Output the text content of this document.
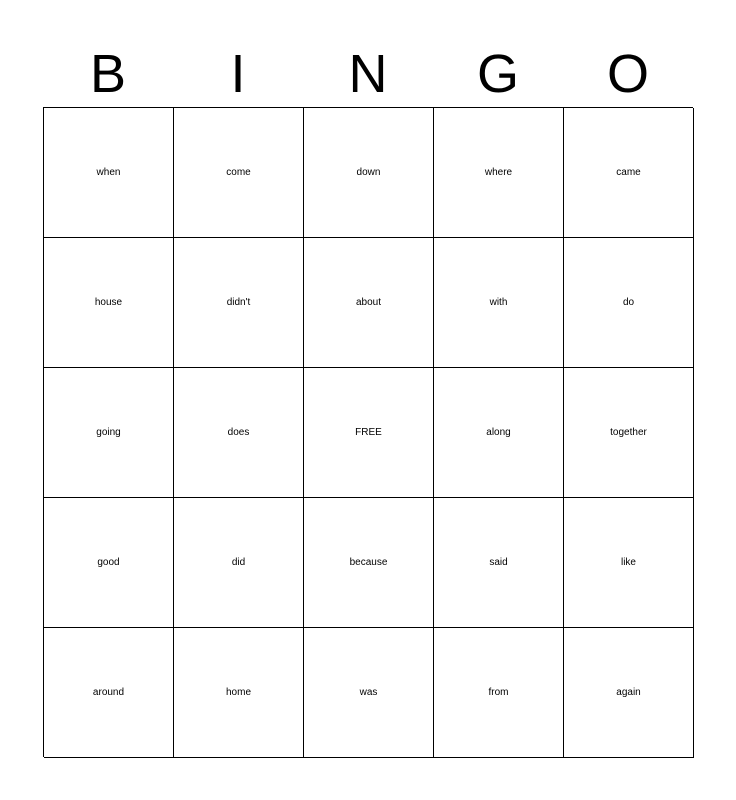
B	I	N	G	O
when	come	down	where	came
house	didn't	about	with	do
going	does	FREE	along	together
good	did	because	said	like
around	home	was	from	again
